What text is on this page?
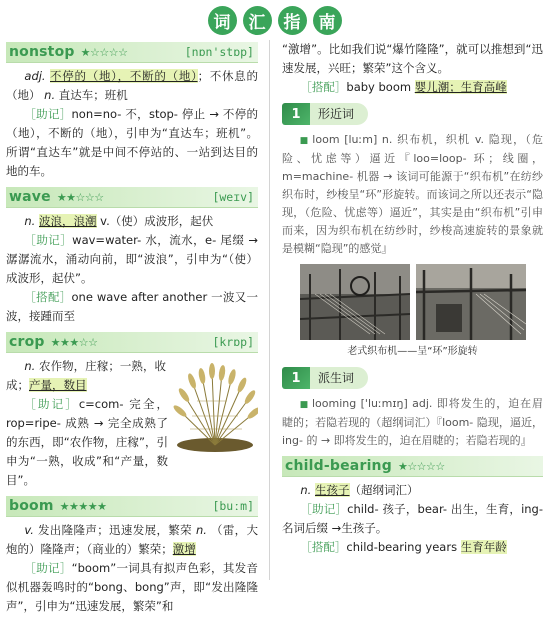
词	汇	指	南
nonstop ★☆☆☆☆	[nɒn'stɒp]

adj. 不停的（地），不断的（地）；不休息的（地） n. 直达车；班机

［助记］non=no- 不，stop- 停止 → 不停的（地），不断的（地），引申为“直达车；班机”。所谓“直达车”就是中间不停站的、一站到达目的地的车。

wave ★★☆☆☆	[weɪv]

n. 波浪，浪潮 v.（使）成波形，起伏

［助记］wav=water- 水，流水，e- 尾缀 → 潺潺流水，涌动向前，即“波浪”，引申为“（使）成波形，起伏”。

［搭配］one wave after another 一波又一波，接踵而至

crop ★★★☆☆	[krɒp]

n. 农作物，庄稼；一熟，收成；产量，数目

［助记］c=com- 完全，rop=ripe- 成熟 → 完全成熟了的东西，即“农作物，庄稼”，引申为“一熟，收成”和“产量，数目”。

boom ★★★★★	[buːm]

v. 发出隆隆声；迅速发展，繁荣 n. （雷，大炮的）隆隆声；（商业的）繁荣；激增

［助记］“boom”一词具有拟声色彩，其发音似机器轰鸣时的“bong、bong”声，即“发出隆隆声”，引申为“迅速发展，繁荣”和

“激增”。比如我们说“爆竹隆隆”，就可以推想到“迅速发展，兴旺；繁荣”这个含义。

［搭配］baby boom 婴儿潮；生育高峰

1	形近词

■ loom [luːm] n. 织布机，织机 v. 隐现，（危险、忧虑等）逼近『loo=loop- 环；线圈，m=machine- 机器 → 该词可能源于“织布机”在纺纱织布时，纱梭呈“环”形旋转。而该词之所以还表示“隐现，（危险、忧虑等）逼近”，其实是由“织布机”引申而来，因为织布机在纺纱时，纱梭高速旋转的景象就是模糊“隐现”的感觉』

老式织布机——呈“环”形旋转
1	派生词

■ looming ['luːmɪŋ] adj. 即将发生的，迫在眉睫的；若隐若现的（超纲词汇）『loom- 隐现，逼近，ing- 的 → 即将发生的，迫在眉睫的；若隐若现的』

child-bearing ★☆☆☆☆

n. 生孩子（超纲词汇）

［助记］child- 孩子，bear- 出生，生育，ing- 名词后缀 →生孩子。

［搭配］child-bearing years 生育年龄
